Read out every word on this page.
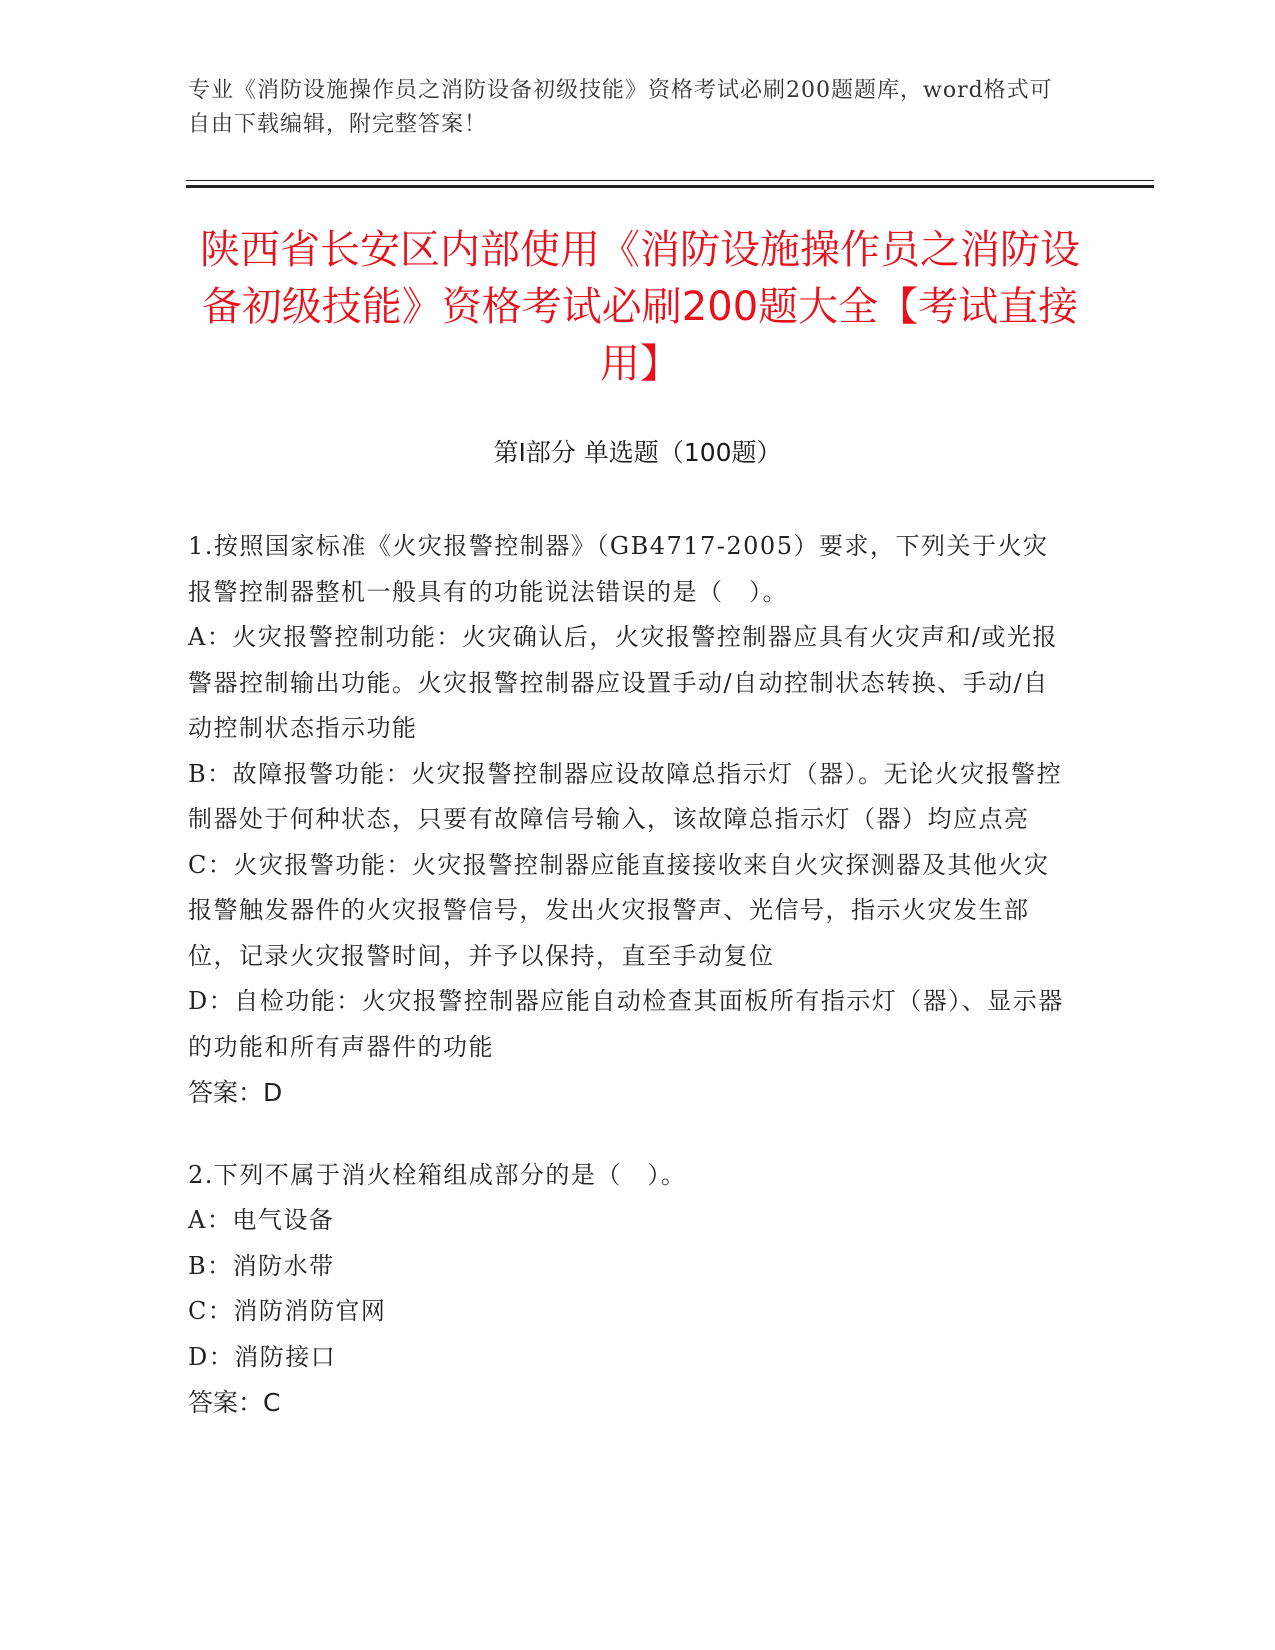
专业《消防设施操作员之消防设备初级技能》资格考试必刷200题题库，word格式可自由下载编辑，附完整答案！
陕西省长安区内部使用《消防设施操作员之消防设备初级技能》资格考试必刷200题大全【考试直接用】
第I部分 单选题（100题）

1.按照国家标准《火灾报警控制器》（GB4717-2005）要求，下列关于火灾报警控制器整机一般具有的功能说法错误的是（　）。

A：火灾报警控制功能：火灾确认后，火灾报警控制器应具有火灾声和/或光报警器控制输出功能。火灾报警控制器应设置手动/自动控制状态转换、手动/自动控制状态指示功能

B：故障报警功能：火灾报警控制器应设故障总指示灯（器）。无论火灾报警控制器处于何种状态，只要有故障信号输入，该故障总指示灯（器）均应点亮

C：火灾报警功能：火灾报警控制器应能直接接收来自火灾探测器及其他火灾报警触发器件的火灾报警信号，发出火灾报警声、光信号，指示火灾发生部位，记录火灾报警时间，并予以保持，直至手动复位

D：自检功能：火灾报警控制器应能自动检查其面板所有指示灯（器）、显示器的功能和所有声器件的功能

答案：D

2.下列不属于消火栓箱组成部分的是（　）。

A：电气设备

B：消防水带

C：消防消防官网

D：消防接口

答案：C
